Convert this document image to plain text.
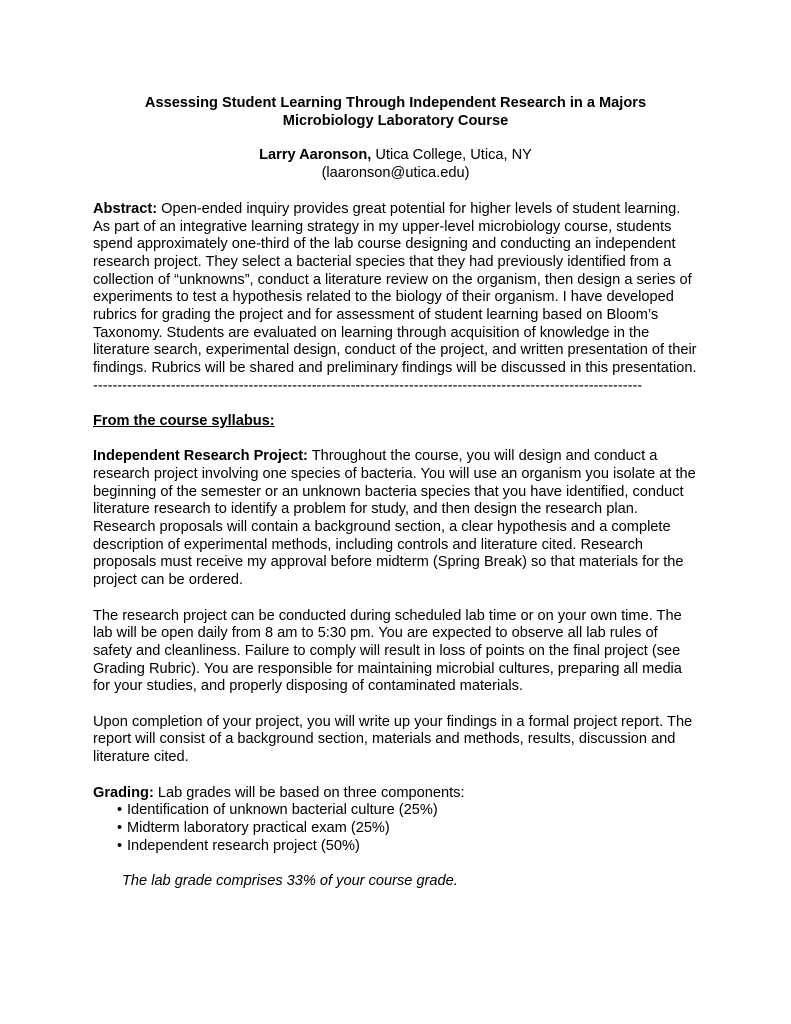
Assessing Student Learning Through Independent Research in a Majors
Microbiology Laboratory Course
Larry Aaronson, Utica College, Utica, NY
(laaronson@utica.edu)
Abstract: Open-ended inquiry provides great potential for higher levels of student learning. As part of an integrative learning strategy in my upper-level microbiology course, students spend approximately one-third of the lab course designing and conducting an independent research project. They select a bacterial species that they had previously identified from a collection of “unknowns”, conduct a literature review on the organism, then design a series of experiments to test a hypothesis related to the biology of their organism. I have developed rubrics for grading the project and for assessment of student learning based on Bloom’s Taxonomy. Students are evaluated on learning through acquisition of knowledge in the literature search, experimental design, conduct of the project, and written presentation of their findings. Rubrics will be shared and preliminary findings will be discussed in this presentation.
-----------------------------------------------------------------------------------------------------------------
From the course syllabus:
Independent Research Project: Throughout the course, you will design and conduct a research project involving one species of bacteria. You will use an organism you isolate at the beginning of the semester or an unknown bacteria species that you have identified, conduct literature research to identify a problem for study, and then design the research plan. Research proposals will contain a background section, a clear hypothesis and a complete description of experimental methods, including controls and literature cited. Research proposals must receive my approval before midterm (Spring Break) so that materials for the project can be ordered.
The research project can be conducted during scheduled lab time or on your own time. The lab will be open daily from 8 am to 5:30 pm. You are expected to observe all lab rules of safety and cleanliness. Failure to comply will result in loss of points on the final project (see Grading Rubric). You are responsible for maintaining microbial cultures, preparing all media for your studies, and properly disposing of contaminated materials.
Upon completion of your project, you will write up your findings in a formal project report. The report will consist of a background section, materials and methods, results, discussion and literature cited.
Grading: Lab grades will be based on three components:
• Identification of unknown bacterial culture (25%)
• Midterm laboratory practical exam (25%)
• Independent research project (50%)
The lab grade comprises 33% of your course grade.
